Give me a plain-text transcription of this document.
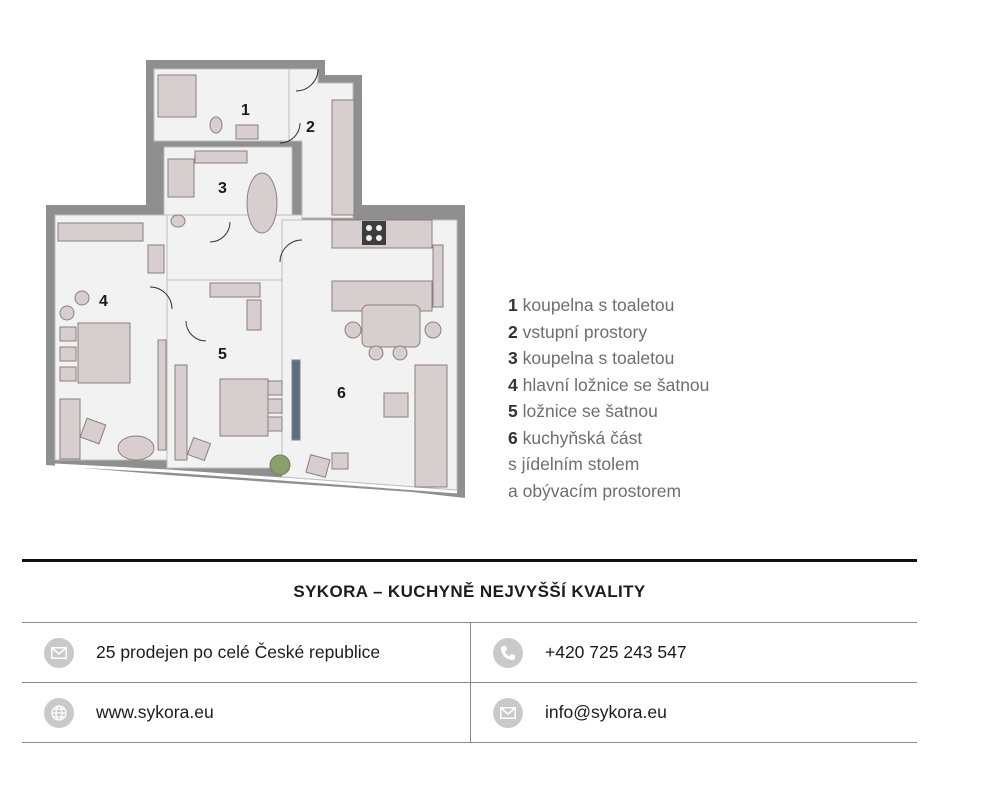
1
2
3
4
5
6
1 koupelna s toaletou
2 vstupní prostory
3 koupelna s toaletou
4 hlavní ložnice se šatnou
5 ložnice se šatnou
6 kuchyňská část
s jídelním stolem
a obývacím prostorem
SYKORA – KUCHYNĚ NEJVYŠŠÍ KVALITY
25 prodejen po celé České republice	+420 725 243 547
www.sykora.eu	info@sykora.eu
